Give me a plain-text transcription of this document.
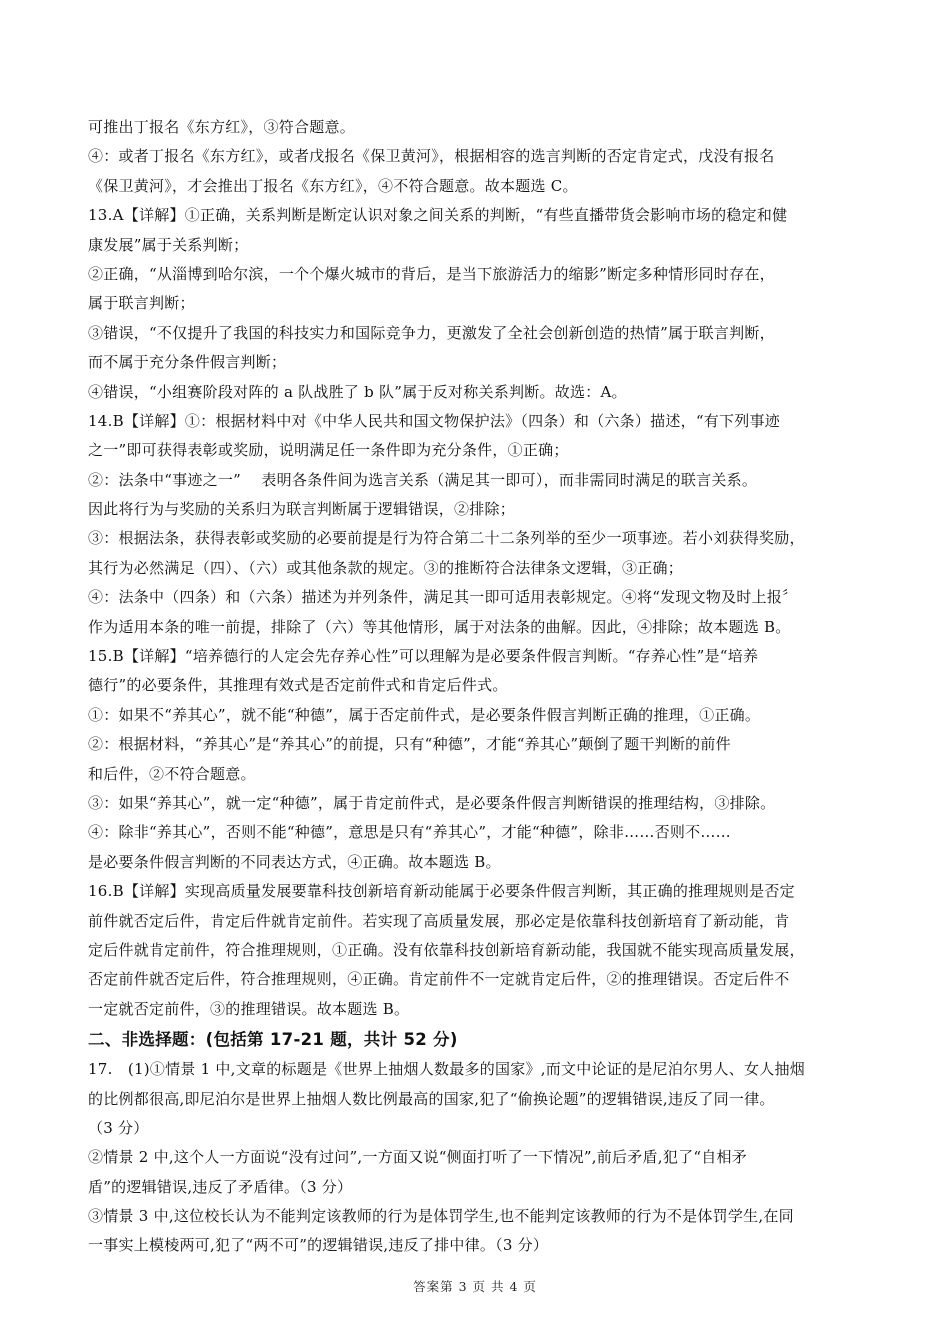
可推出丁报名《东方红》，③符合题意。
④：或者丁报名《东方红》，或者戊报名《保卫黄河》，根据相容的选言判断的否定肯定式，戊没有报名
《保卫黄河》，才会推出丁报名《东方红》，④不符合题意。故本题选 C。
13.A【详解】①正确，关系判断是断定认识对象之间关系的判断，“有些直播带货会影响市场的稳定和健
康发展”属于关系判断；
②正确，“从淄博到哈尔滨，一个个爆火城市的背后，是当下旅游活力的缩影”断定多种情形同时存在，
属于联言判断；
③错误，“不仅提升了我国的科技实力和国际竞争力，更激发了全社会创新创造的热情”属于联言判断，
而不属于充分条件假言判断；
④错误，“小组赛阶段对阵的 a 队战胜了 b 队”属于反对称关系判断。故选：A。
14.B【详解】①：根据材料中对《中华人民共和国文物保护法》（四条）和（六条）描述，“有下列事迹
之一”即可获得表彰或奖励，说明满足任一条件即为充分条件，①正确；
②：法条中“事迹之一”　 表明各条件间为选言关系（满足其一即可），而非需同时满足的联言关系。
因此将行为与奖励的关系归为联言判断属于逻辑错误，②排除；
③：根据法条，获得表彰或奖励的必要前提是行为符合第二十二条列举的至少一项事迹。若小刘获得奖励，
其行为必然满足（四）、（六）或其他条款的规定。③的推断符合法律条文逻辑，③正确；
④：法条中（四条）和（六条）描述为并列条件，满足其一即可适用表彰规定。④将“发现文物及时上报〞
作为适用本条的唯一前提，排除了（六）等其他情形，属于对法条的曲解。因此，④排除；故本题选 B。
15.B【详解】“培养德行的人定会先存养心性”可以理解为是必要条件假言判断。“存养心性”是“培养
德行”的必要条件，其推理有效式是否定前件式和肯定后件式。
①：如果不“养其心”，就不能“种德”，属于否定前件式，是必要条件假言判断正确的推理，①正确。
②：根据材料，“养其心”是“养其心”的前提，只有“种德”，才能“养其心”颠倒了题干判断的前件
和后件，②不符合题意。
③：如果“养其心”，就一定“种德”，属于肯定前件式，是必要条件假言判断错误的推理结构，③排除。
④：除非“养其心”，否则不能“种德”，意思是只有“养其心”，才能“种德”，除非……否则不……
是必要条件假言判断的不同表达方式，④正确。故本题选 B。
16.B【详解】实现高质量发展要靠科技创新培育新动能属于必要条件假言判断，其正确的推理规则是否定
前件就否定后件，肯定后件就肯定前件。若实现了高质量发展，那必定是依靠科技创新培育了新动能，肯
定后件就肯定前件，符合推理规则，①正确。没有依靠科技创新培育新动能，我国就不能实现高质量发展，
否定前件就否定后件，符合推理规则，④正确。肯定前件不一定就肯定后件，②的推理错误。否定后件不
一定就否定前件，③的推理错误。故本题选 B。
二、非选择题：(包括第 17-21 题，共计 52 分)
17.　(1)①情景 1 中,文章的标题是《世界上抽烟人数最多的国家》,而文中论证的是尼泊尔男人、女人抽烟
的比例都很高,即尼泊尔是世界上抽烟人数比例最高的国家,犯了“偷换论题”的逻辑错误,违反了同一律。
（3 分）
②情景 2 中,这个人一方面说“没有过问”,一方面又说“侧面打听了一下情况”,前后矛盾,犯了“自相矛
盾”的逻辑错误,违反了矛盾律。（3 分）
③情景 3 中,这位校长认为不能判定该教师的行为是体罚学生,也不能判定该教师的行为不是体罚学生,在同
一事实上模棱两可,犯了“两不可”的逻辑错误,违反了排中律。（3 分）
答案第 3 页 共 4 页
